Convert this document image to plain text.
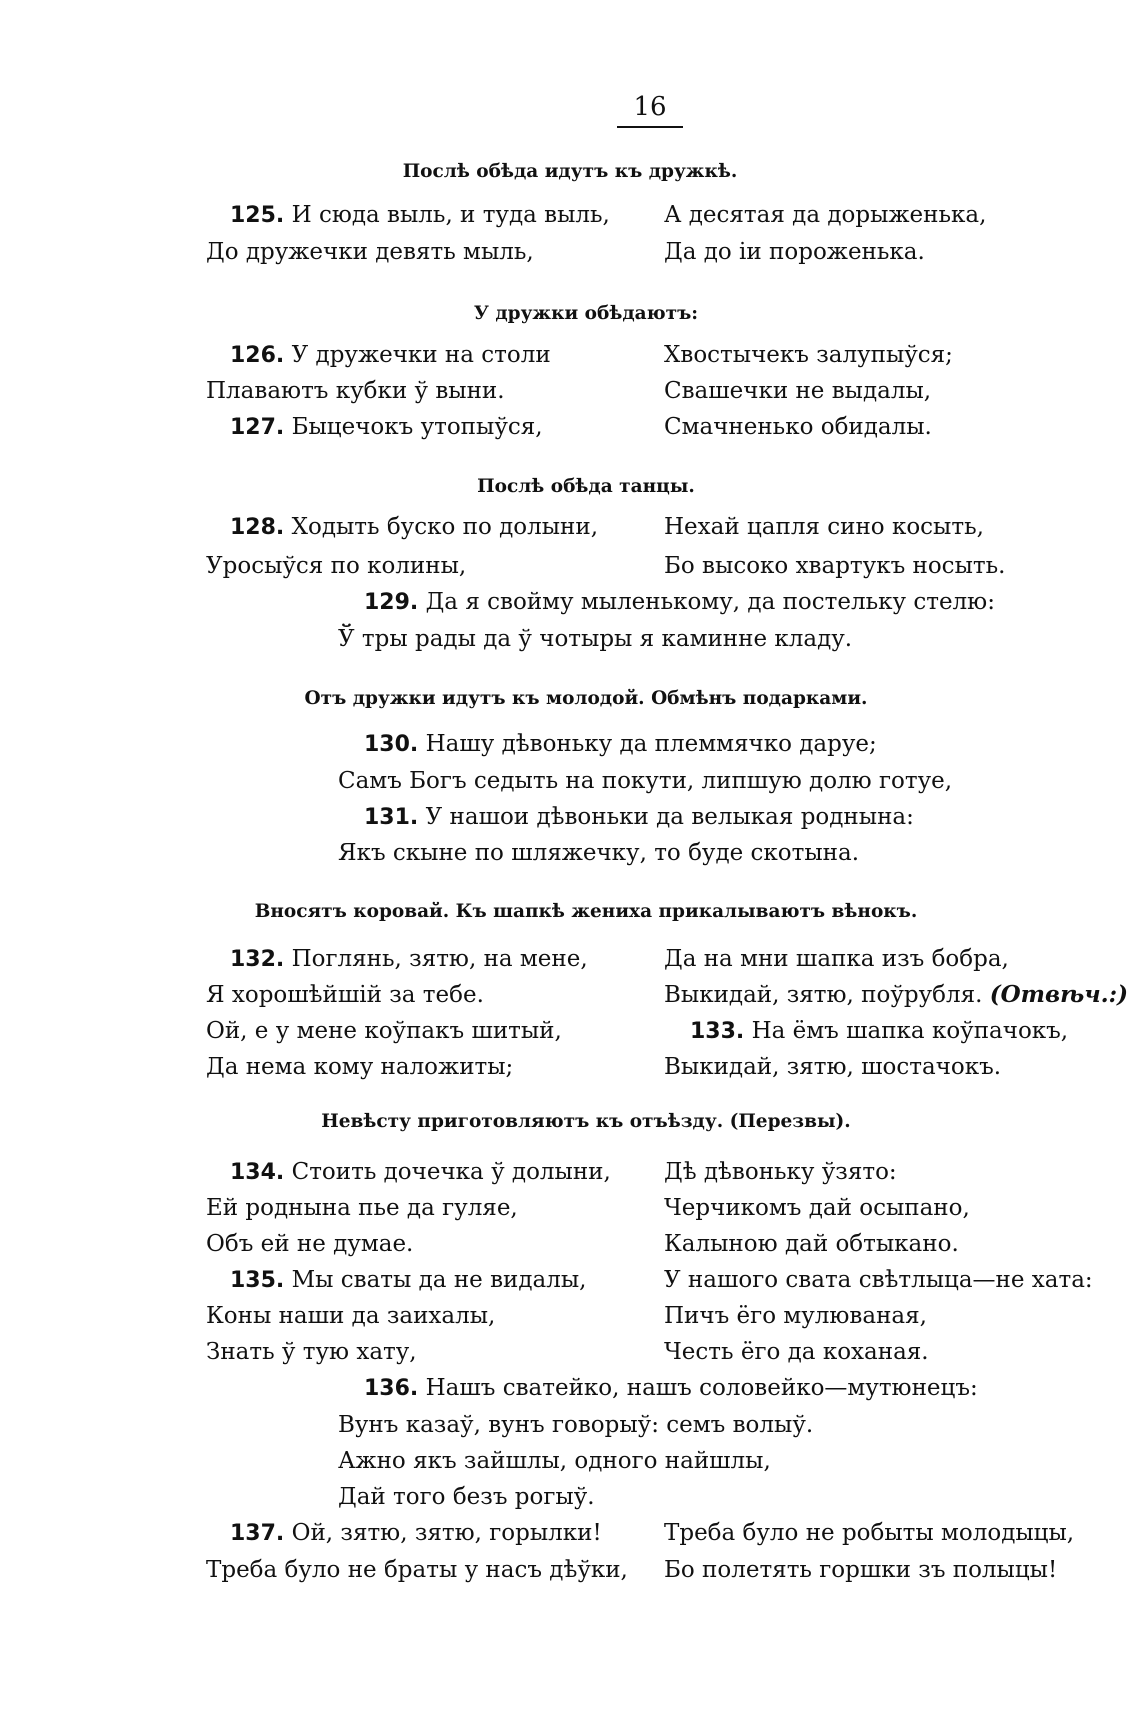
16
Послѣ обѣда идутъ къ дружкѣ.
125. И сюда выль, и туда выль,
До дружечки девять мыль,
А десятая да дорыженька,
Да до іи пороженька.
У дружки обѣдаютъ:
126. У дружечки на столи
Плаваютъ кубки ў выни.
127. Быцечокъ утопыўся,
Хвостычекъ залупыўся;
Свашечки не выдалы,
Смачненько обидалы.
Послѣ обѣда танцы.
128. Ходыть буско по долыни,
Уросыўся по колины,
Нехай цапля сино косыть,
Бо высоко хвартукъ носыть.
129. Да я свойму мыленькому, да постельку стелю:
Ў тры рады да ў чотыры я каминне кладу.
Отъ дружки идутъ къ молодой. Обмѣнъ подарками.
130. Нашу дѣвоньку да племмячко даруе;
Самъ Богъ седыть на покути, липшую долю готуе,
131. У нашои дѣвоньки да велыкая роднына:
Якъ скыне по шляжечку, то буде скотына.
Вносятъ коровай. Къ шапкѣ жениха прикалываютъ вѣнокъ.
132. Поглянь, зятю, на мене,
Я хорошѣйшій за тебе.
Ой, е у мене коўпакъ шитый,
Да нема кому наложиты;
Да на мни шапка изъ бобра,
Выкидай, зятю, поўрубля. (Отвѣч.:)
133. На ёмъ шапка коўпачокъ,
Выкидай, зятю, шостачокъ.
Невѣсту приготовляютъ къ отъѣзду. (Перезвы).
134. Стоить дочечка ў долыни,
Ей роднына пье да гуляе,
Объ ей не думае.
Дѣ дѣвоньку ўзято:
Черчикомъ дай осыпано,
Калыною дай обтыкано.
135. Мы сваты да не видалы,
Коны наши да заихалы,
Знать ў тую хату,
У нашого свата свѣтлыца—не хата:
Пичъ ёго мулюваная,
Честь ёго да коханая.
136. Нашъ сватейко, нашъ соловейко—мутюнецъ:
Вунъ казаў, вунъ говорыў: семъ волыў.
Ажно якъ зайшлы, одного найшлы,
Дай того безъ рогыў.
137. Ой, зятю, зятю, горылки!
Треба було не браты у насъ дѣўки,
Треба було не робыты молодыцы,
Бо полетять горшки зъ полыцы!
